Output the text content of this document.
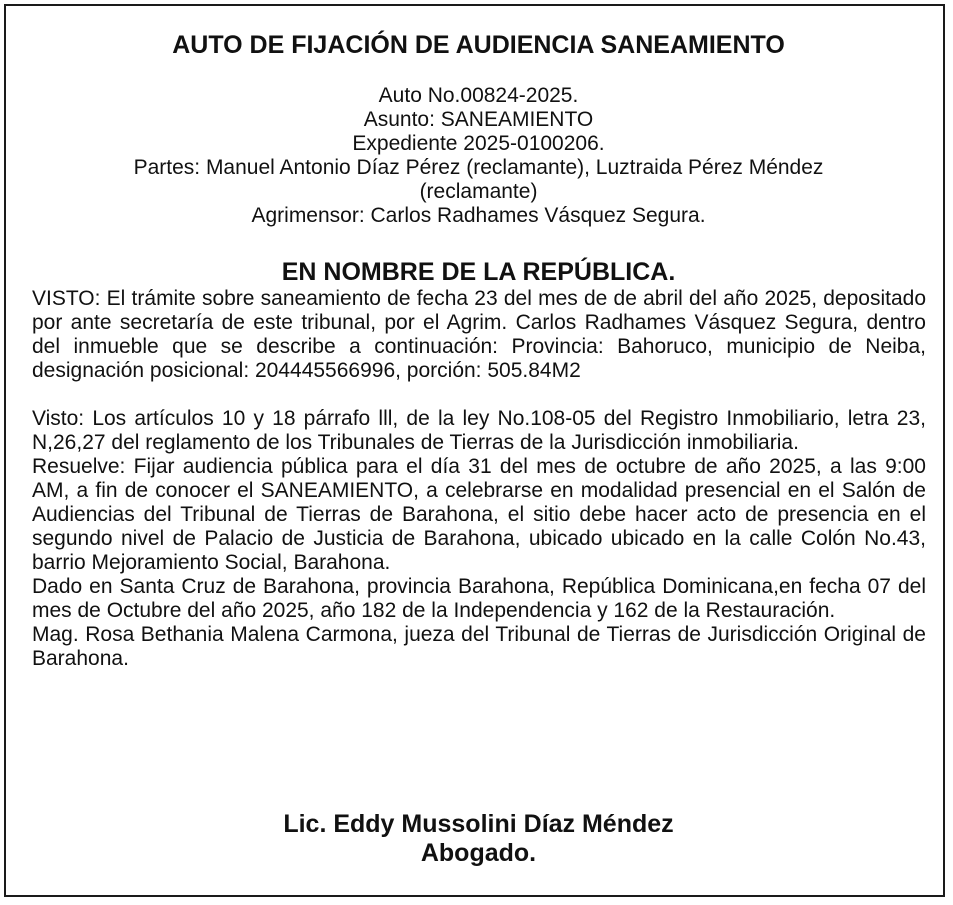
AUTO DE FIJACIÓN DE AUDIENCIA SANEAMIENTO
Auto No.00824-2025.
Asunto: SANEAMIENTO
Expediente 2025-0100206.
Partes: Manuel Antonio Díaz Pérez (reclamante), Luztraida Pérez Méndez
(reclamante)
Agrimensor: Carlos Radhames Vásquez Segura.
EN NOMBRE DE LA REPÚBLICA.

VISTO: El trámite sobre saneamiento de fecha 23 del mes de de abril del año 2025, depositado por ante secretaría de este tribunal, por el Agrim. Carlos Radhames Vásquez Segura, dentro del inmueble que se describe a continuación: Provincia: Bahoruco, municipio de Neiba, designación posicional: 204445566996, porción: 505.84M2

Visto: Los artículos 10 y 18 párrafo lll, de la ley No.108-05 del Registro Inmobiliario, letra 23, N,26,27 del reglamento de los Tribunales de Tierras de la Jurisdicción inmobiliaria.

Resuelve: Fijar audiencia pública para el día 31 del mes de octubre de año 2025, a las 9:00 AM, a fin de conocer el SANEAMIENTO, a celebrarse en modalidad presencial en el Salón de Audiencias del Tribunal de Tierras de Barahona, el sitio debe hacer acto de presencia en el segundo nivel de Palacio de Justicia de Barahona, ubicado ubicado en la calle Colón No.43, barrio Mejoramiento Social, Barahona.

Dado en Santa Cruz de Barahona, provincia Barahona, República Dominicana,en fecha 07 del mes de Octubre del año 2025, año 182 de la Independencia y 162 de la Restauración.

Mag. Rosa Bethania Malena Carmona, jueza del Tribunal de Tierras de Jurisdicción Original de Barahona.

Lic. Eddy Mussolini Díaz Méndez
Abogado.
